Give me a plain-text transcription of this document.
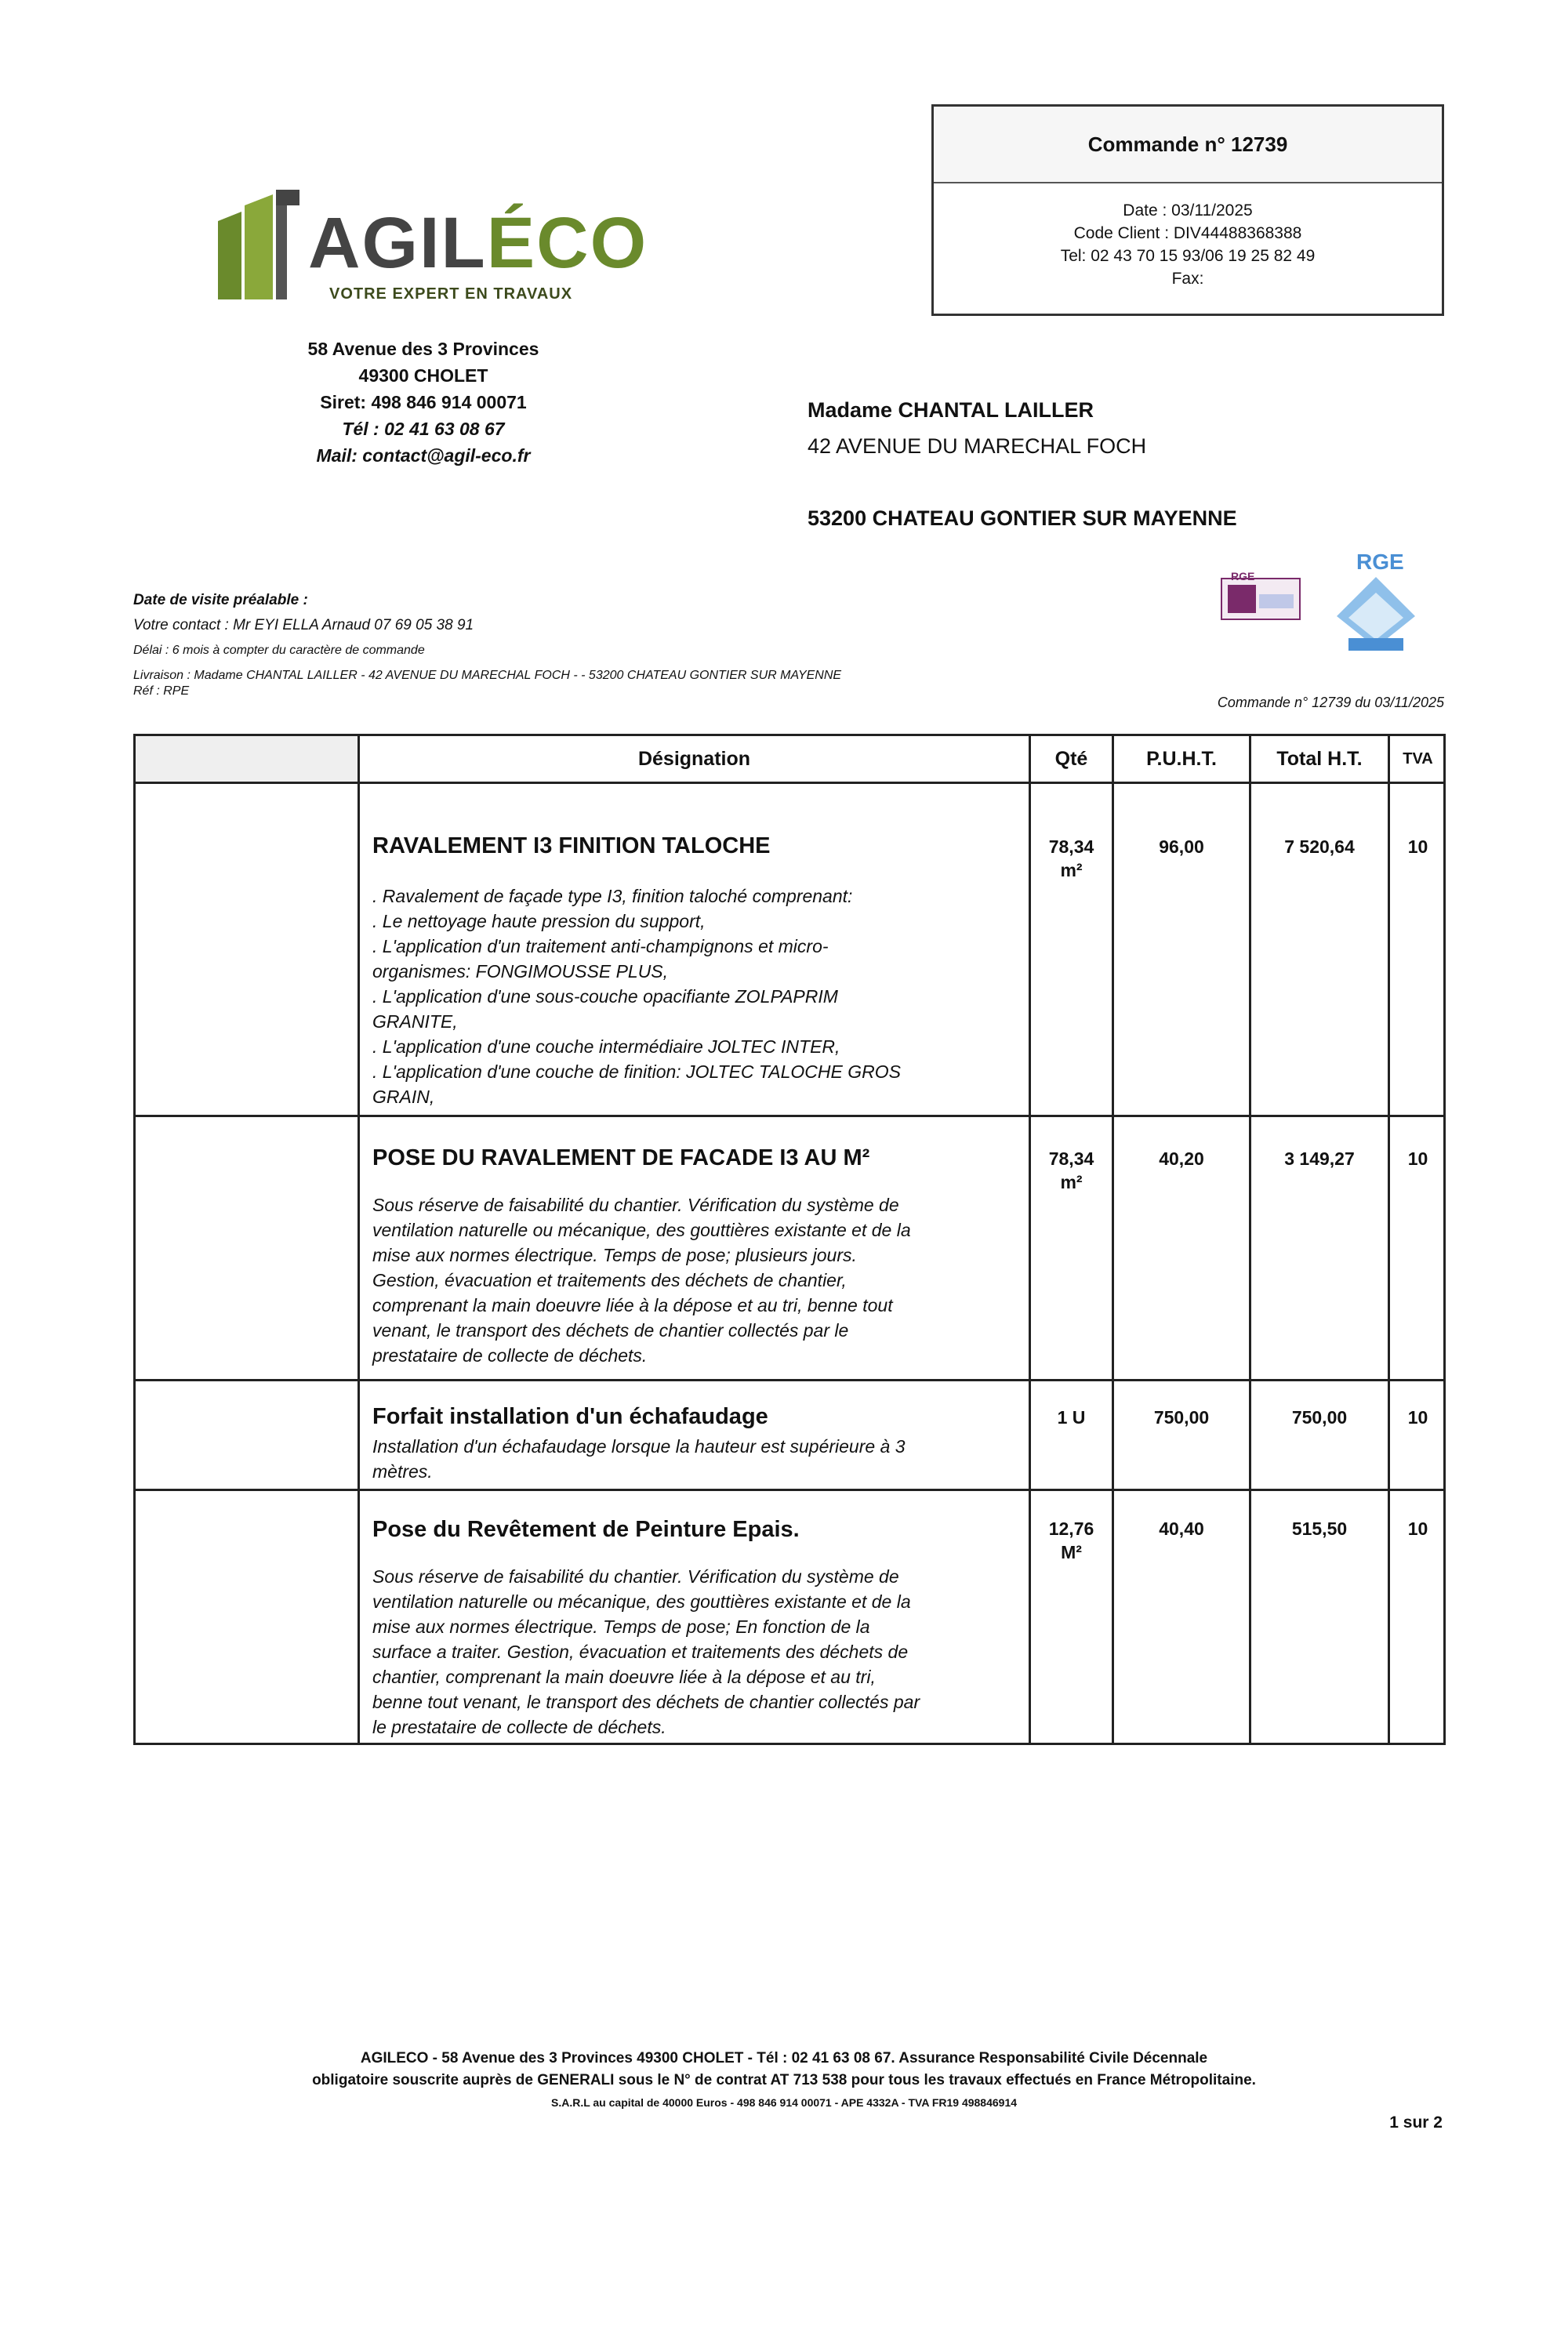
AGILÉCO
VOTRE EXPERT EN TRAVAUX
58 Avenue des 3 Provinces
49300 CHOLET
Siret: 498 846 914 00071
Tél : 02 41 63 08 67
Mail: contact@agil-eco.fr
Commande n° 12739
Date : 03/11/2025
Code Client : DIV44488368388
Tel: 02 43 70 15 93/06 19 25 82 49
Fax:
Madame CHANTAL LAILLER
42 AVENUE DU MARECHAL FOCH
53200 CHATEAU GONTIER SUR MAYENNE
RGE
RGE
Date de visite préalable :
Votre contact : Mr EYI ELLA Arnaud 07 69 05 38 91
Délai : 6 mois à compter du caractère de commande
Livraison : Madame CHANTAL LAILLER - 42 AVENUE DU MARECHAL FOCH - - 53200 CHATEAU GONTIER SUR MAYENNE
Réf : RPE
Commande n° 12739 du 03/11/2025
Désignation	Qté	P.U.H.T.	Total H.T.	TVA
RAVALEMENT I3 FINITION TALOCHE
. Ravalement de façade type I3, finition taloché comprenant:
. Le nettoyage haute pression du support,
. L'application d'un traitement anti-champignons et micro-
organismes: FONGIMOUSSE PLUS,
. L'application d'une sous-couche opacifiante ZOLPAPRIM
GRANITE,
. L'application d'une couche intermédiaire JOLTEC INTER,
. L'application d'une couche de finition: JOLTEC TALOCHE GROS
GRAIN,
78,34
m²
96,00	7 520,64	10
POSE DU RAVALEMENT DE FACADE I3 AU M²
Sous réserve de faisabilité du chantier. Vérification du système de
ventilation naturelle ou mécanique, des gouttières existante et de la
mise aux normes électrique. Temps de pose; plusieurs jours.
Gestion, évacuation et traitements des déchets de chantier,
comprenant la main doeuvre liée à la dépose et au tri, benne tout
venant, le transport des déchets de chantier collectés par le
prestataire de collecte de déchets.
78,34
m²
40,20	3 149,27	10
Forfait installation d'un échafaudage
Installation d'un échafaudage lorsque la hauteur est supérieure à 3
mètres.
1 U	750,00	750,00	10
Pose du Revêtement de Peinture Epais.
Sous réserve de faisabilité du chantier. Vérification du système de
ventilation naturelle ou mécanique, des gouttières existante et de la
mise aux normes électrique. Temps de pose; En fonction de la
surface a traiter. Gestion, évacuation et traitements des déchets de
chantier, comprenant la main doeuvre liée à la dépose et au tri,
benne tout venant, le transport des déchets de chantier collectés par
le prestataire de collecte de déchets.
12,76
M²
40,40	515,50	10
AGILECO - 58 Avenue des 3 Provinces 49300 CHOLET - Tél : 02 41 63 08 67. Assurance Responsabilité Civile Décennale
obligatoire souscrite auprès de GENERALI sous le N° de contrat AT 713 538 pour tous les travaux effectués en France Métropolitaine.
S.A.R.L au capital de 40000 Euros - 498 846 914 00071 - APE 4332A - TVA FR19 498846914
1 sur 2
